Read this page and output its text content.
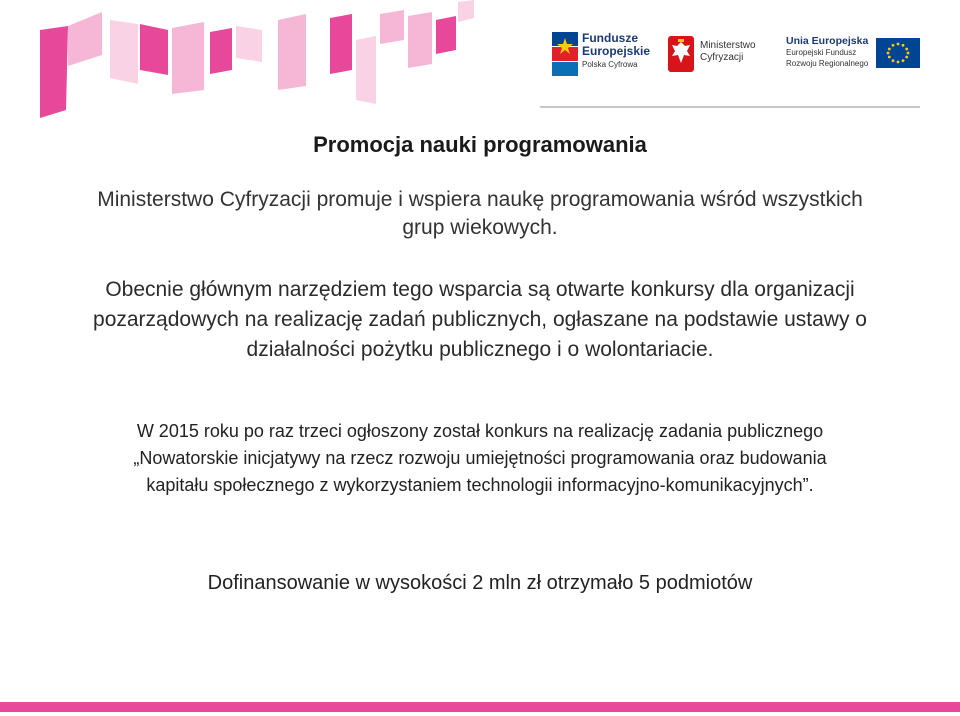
Fundusze
Europejskie
Polska Cyfrowa
Ministerstwo
Cyfryzacji
Unia Europejska
Europejski Fundusz
Rozwoju Regionalnego
Promocja nauki programowania
Ministerstwo Cyfryzacji promuje i wspiera naukę programowania wśród wszystkich grup wiekowych.
Obecnie głównym narzędziem tego wsparcia są otwarte konkursy dla organizacji pozarządowych na realizację zadań publicznych, ogłaszane na podstawie ustawy o działalności pożytku publicznego i o wolontariacie.
W 2015 roku po raz trzeci ogłoszony został konkurs na realizację zadania publicznego „Nowatorskie inicjatywy na rzecz rozwoju umiejętności programowania oraz budowania kapitału społecznego z wykorzystaniem technologii informacyjno-komunikacyjnych”.
Dofinansowanie w wysokości 2 mln zł otrzymało 5 podmiotów
